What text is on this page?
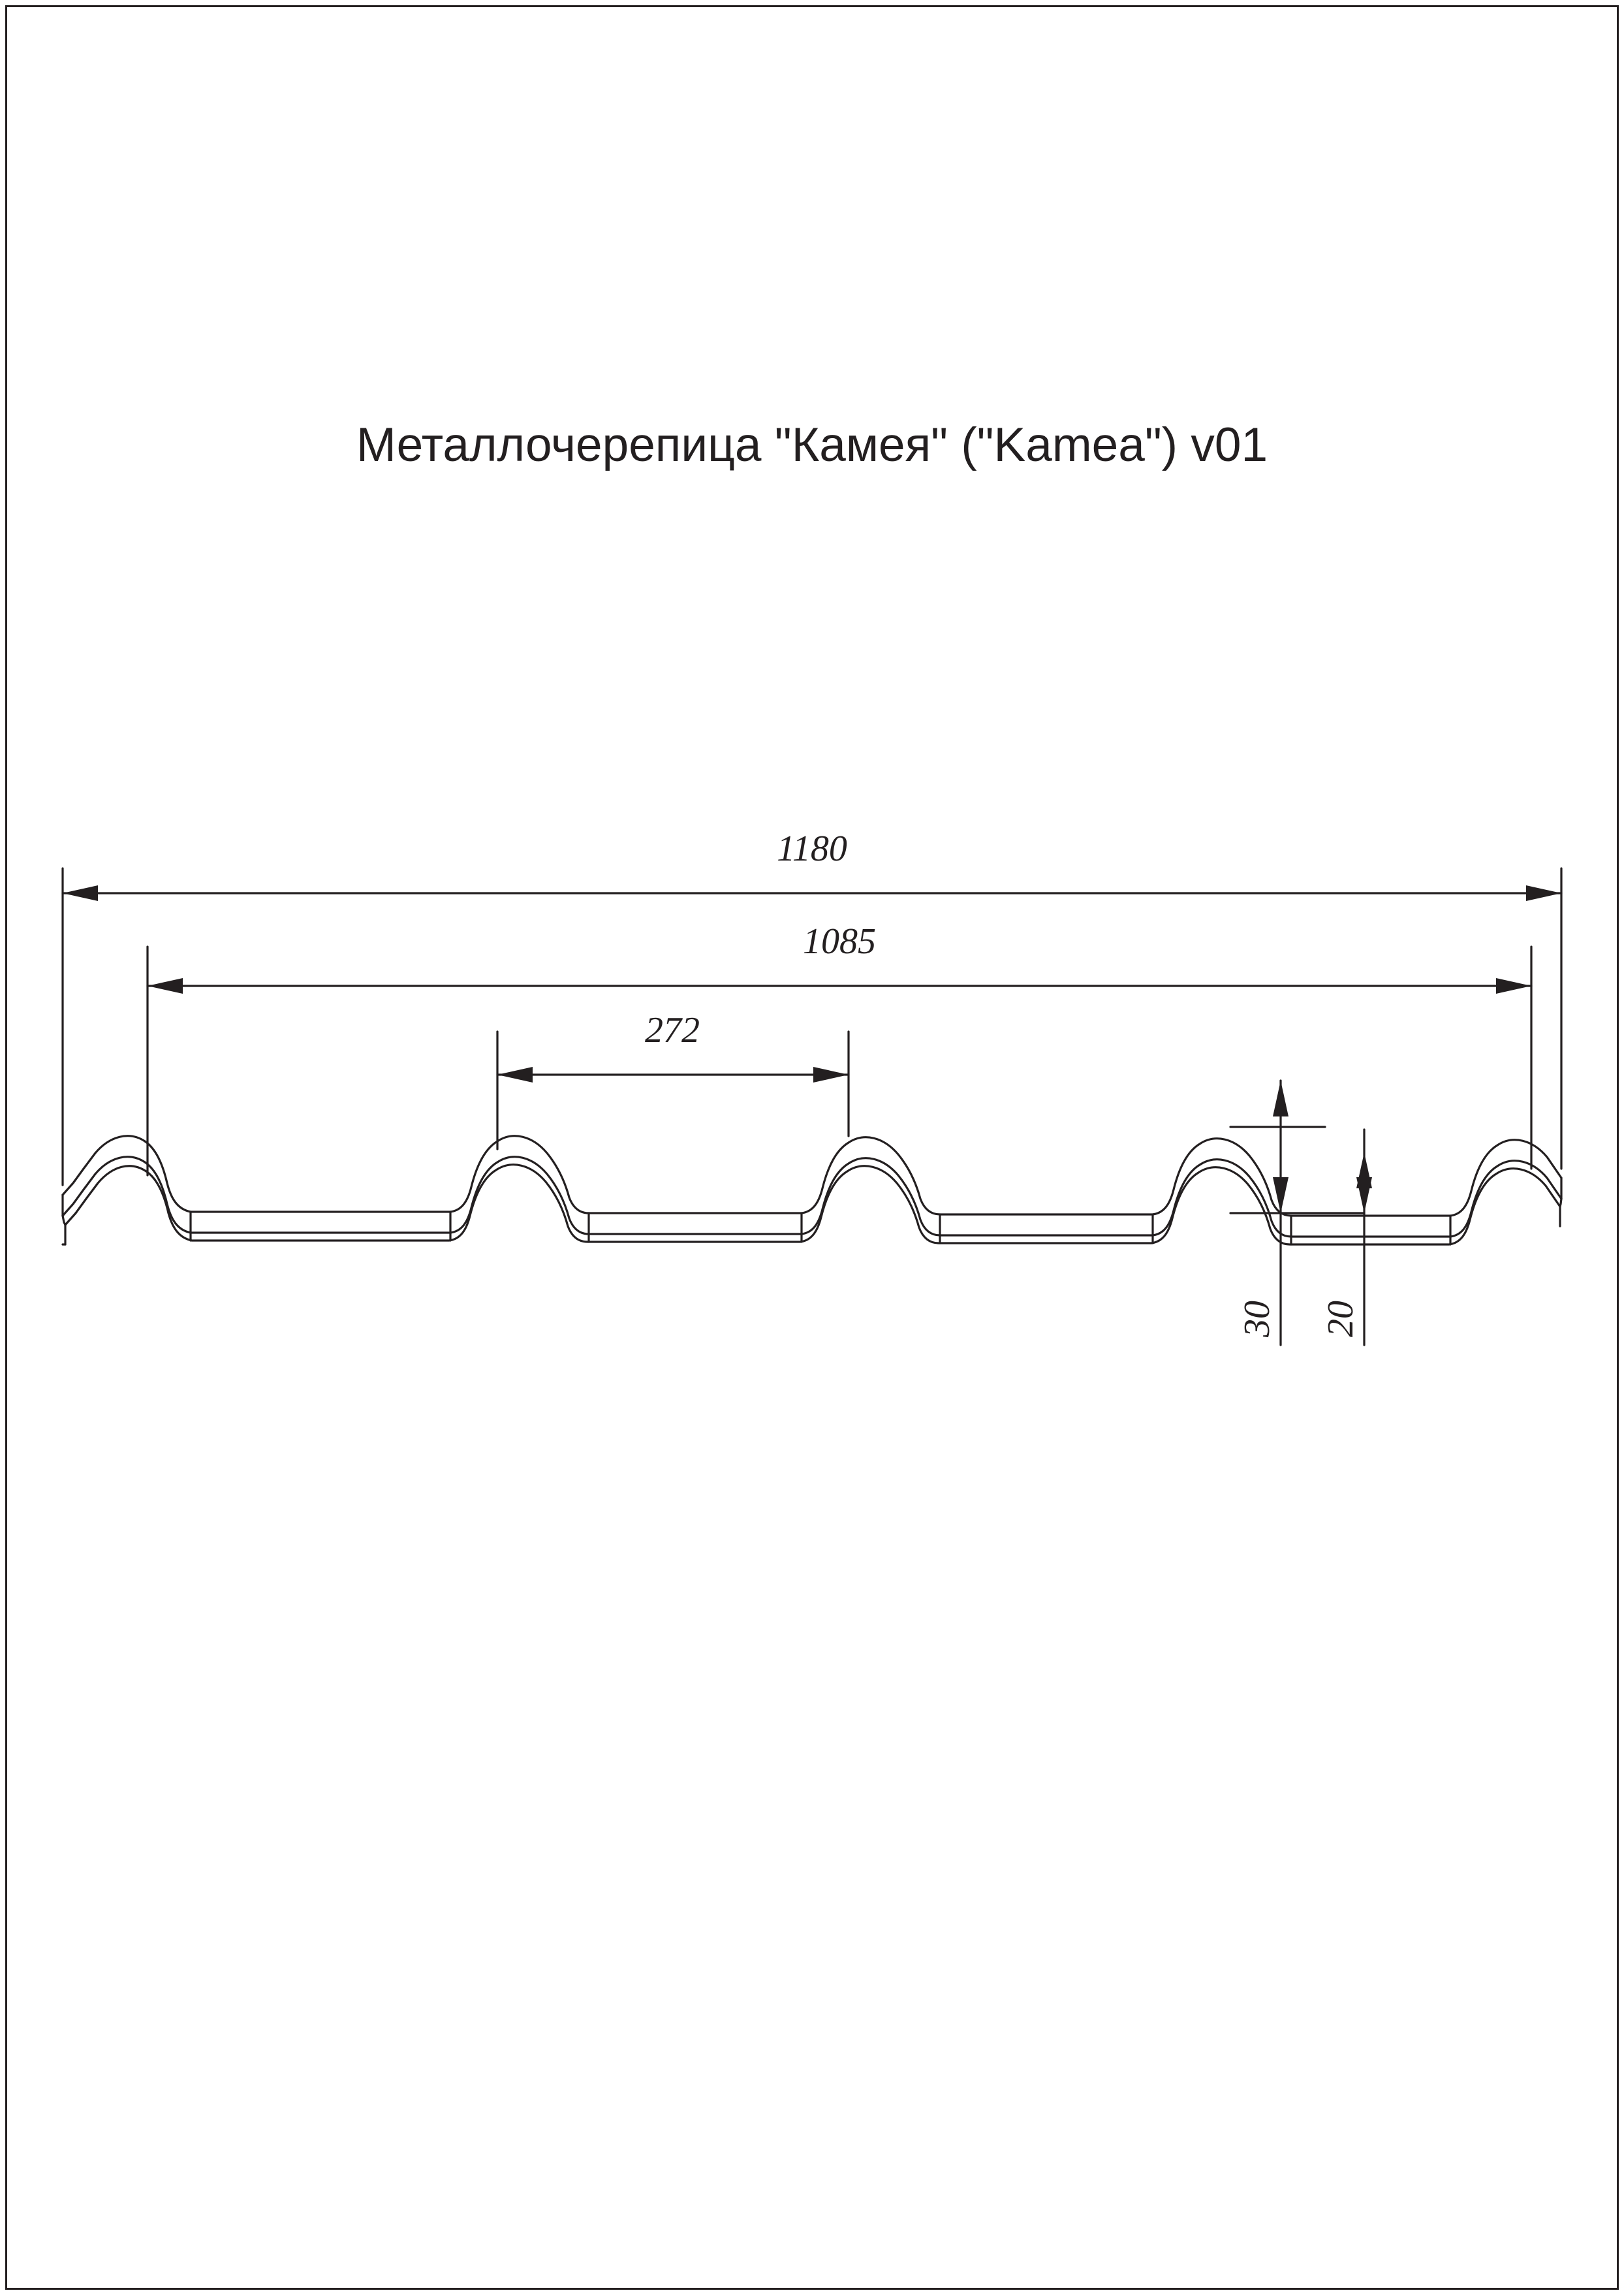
Металлочерепица "Камея" ("Kamea") v01
1180
1085
272
30 20
